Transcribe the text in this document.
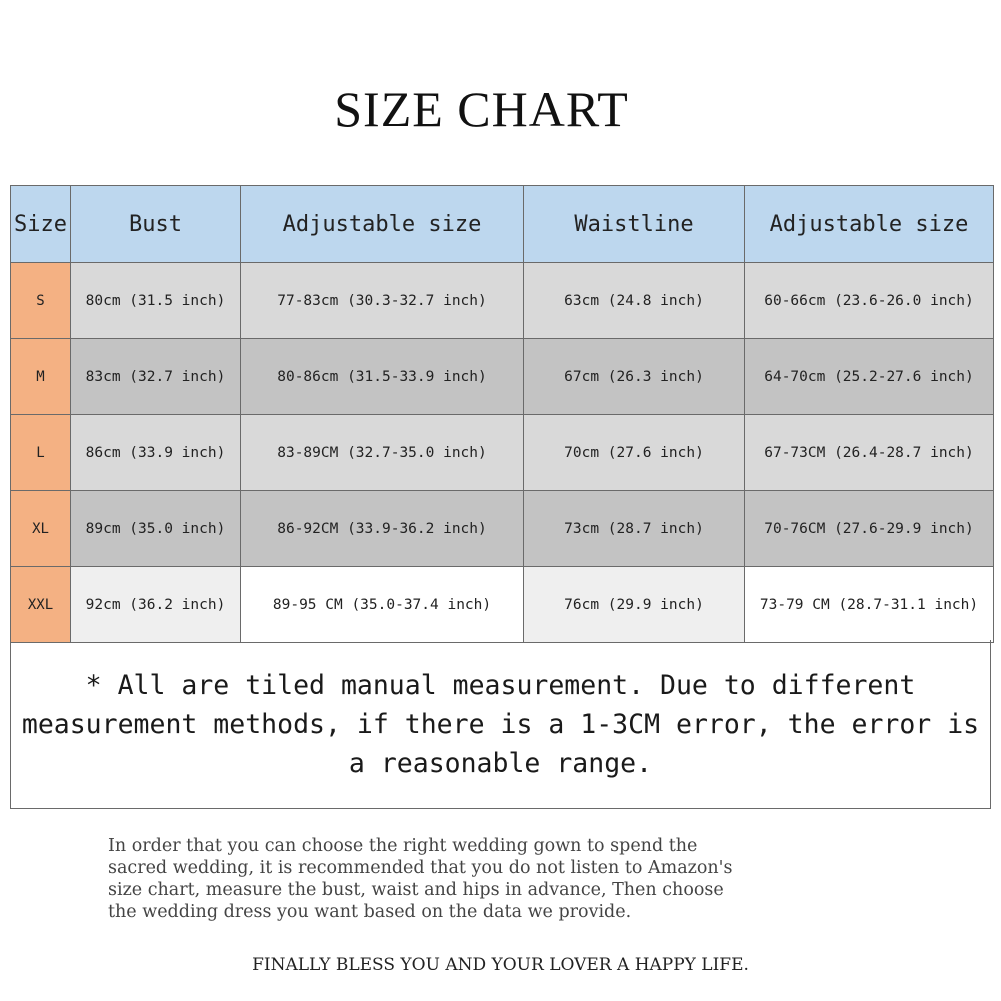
SIZE CHART
Size	Bust	Adjustable size	Waistline	Adjustable size
S	80cm (31.5 inch)	77-83cm (30.3-32.7 inch)	63cm (24.8 inch)	60-66cm (23.6-26.0 inch)
M	83cm (32.7 inch)	80-86cm (31.5-33.9 inch)	67cm (26.3 inch)	64-70cm (25.2-27.6 inch)
L	86cm (33.9 inch)	83-89CM (32.7-35.0 inch)	70cm (27.6 inch)	67-73CM (26.4-28.7 inch)
XL	89cm (35.0 inch)	86-92CM (33.9-36.2 inch)	73cm (28.7 inch)	70-76CM (27.6-29.9 inch)
XXL	92cm (36.2 inch)	89-95 CM (35.0-37.4 inch)	76cm (29.9 inch)	73-79 CM (28.7-31.1 inch)
* All are tiled manual measurement. Due to different measurement methods, if there is a 1-3CM error, the error is a reasonable range.

In order that you can choose the right wedding gown to spend the
sacred wedding, it is recommended that you do not listen to Amazon's
size chart, measure the bust, waist and hips in advance, Then choose
the wedding dress you want based on the data we provide.

FINALLY BLESS YOU AND YOUR LOVER A HAPPY LIFE.
